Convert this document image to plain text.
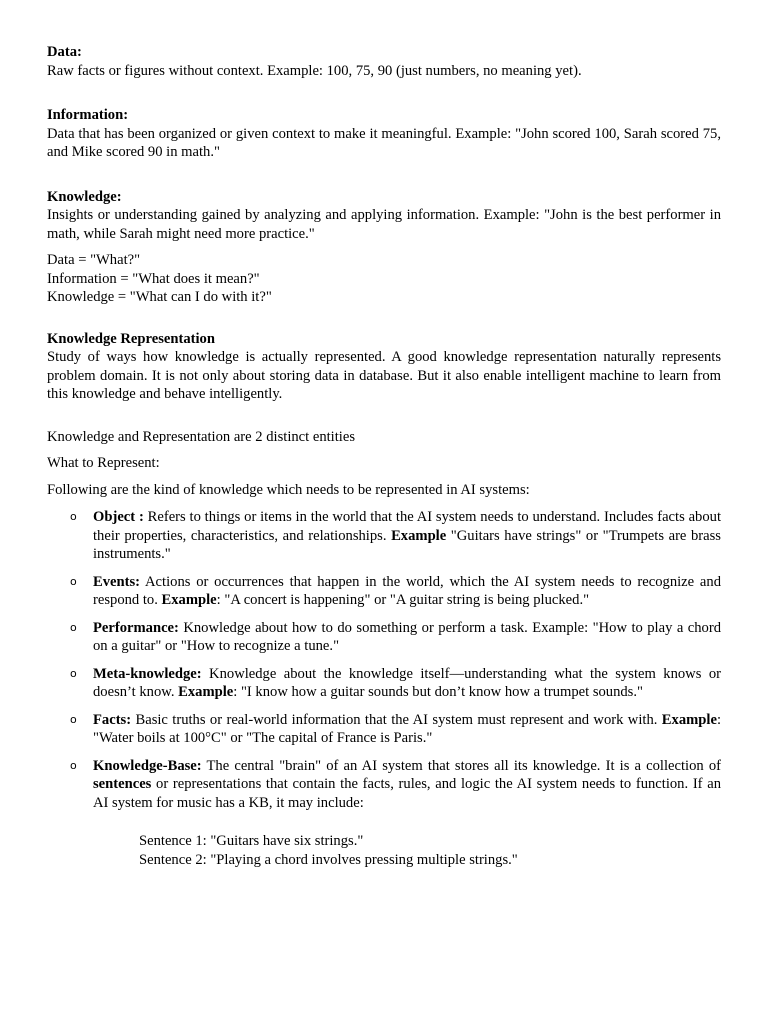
Data:
Raw facts or figures without context. Example: 100, 75, 90 (just numbers, no meaning yet).
Information:
Data that has been organized or given context to make it meaningful. Example: "John scored 100, Sarah scored 75, and Mike scored 90 in math."
Knowledge:
Insights or understanding gained by analyzing and applying information. Example: "John is the best performer in math, while Sarah might need more practice."
Data = "What?"
Information = "What does it mean?"
Knowledge = "What can I do with it?"
Knowledge Representation
Study of ways how knowledge is actually represented. A good knowledge representation naturally represents problem domain. It is not only about storing data in database. But it also enable intelligent machine to learn from this knowledge and behave intelligently.
Knowledge and Representation are 2 distinct entities
What to Represent:
Following are the kind of knowledge which needs to be represented in AI systems:
o Object : Refers to things or items in the world that the AI system needs to understand. Includes facts about their properties, characteristics, and relationships. Example "Guitars have strings" or "Trumpets are brass instruments."
o Events: Actions or occurrences that happen in the world, which the AI system needs to recognize and respond to. Example: "A concert is happening" or "A guitar string is being plucked."
o Performance: Knowledge about how to do something or perform a task. Example: "How to play a chord on a guitar" or "How to recognize a tune."
o Meta-knowledge: Knowledge about the knowledge itself—understanding what the system knows or doesn’t know. Example: "I know how a guitar sounds but don’t know how a trumpet sounds."
o Facts: Basic truths or real-world information that the AI system must represent and work with. Example: "Water boils at 100°C" or "The capital of France is Paris."
o Knowledge-Base: The central "brain" of an AI system that stores all its knowledge. It is a collection of sentences or representations that contain the facts, rules, and logic the AI system needs to function. If an AI system for music has a KB, it may include:
Sentence 1: "Guitars have six strings."
Sentence 2: "Playing a chord involves pressing multiple strings."
